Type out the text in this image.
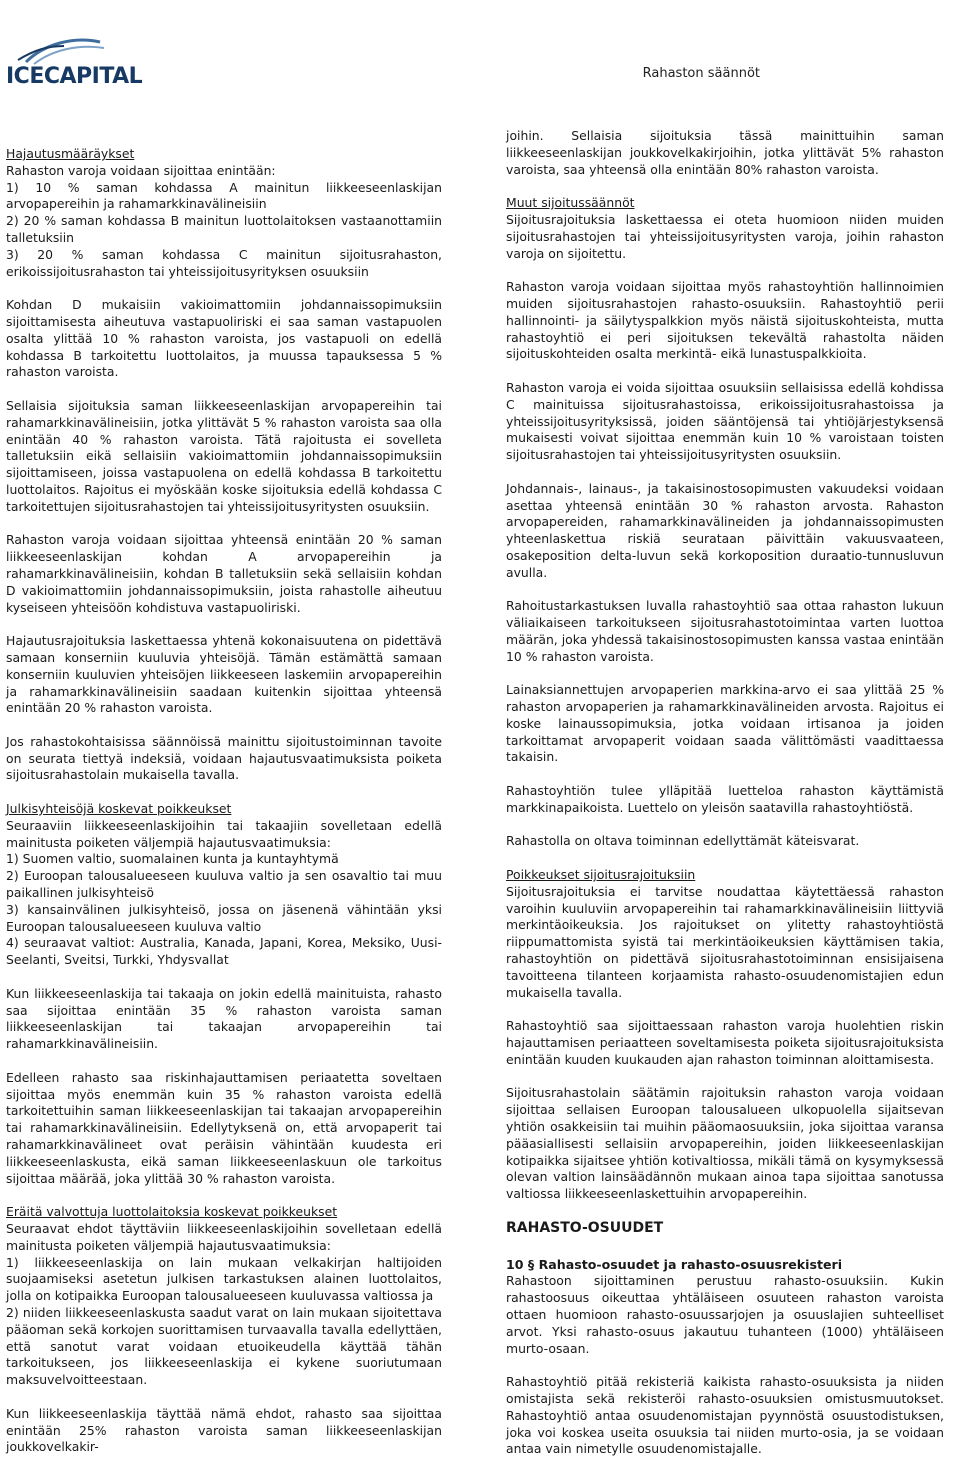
ICECAPITAL	Rahaston säännöt
Hajautusmääräykset
Rahaston varoja voidaan sijoittaa enintään:
1) 10 % saman kohdassa A mainitun liikkeeseenlaskijan arvopapereihin ja rahamarkkinavälineisiin
2) 20 % saman kohdassa B mainitun luottolaitoksen vastaanottamiin talletuksiin
3) 20 % saman kohdassa C mainitun sijoitusrahaston, erikoissijoitusrahaston tai yhteissijoitusyrityksen osuuksiin

Kohdan D mukaisiin vakioimattomiin johdannaissopimuksiin sijoittamisesta aiheutuva vastapuoliriski ei saa saman vastapuolen osalta ylittää 10 % rahaston varoista, jos vastapuoli on edellä kohdassa B tarkoitettu luottolaitos, ja muussa tapauksessa 5 % rahaston varoista.

Sellaisia sijoituksia saman liikkeeseenlaskijan arvopapereihin tai rahamarkkinavälineisiin, jotka ylittävät 5 % rahaston varoista saa olla enintään 40 % rahaston varoista. Tätä rajoitusta ei sovelleta talletuksiin eikä sellaisiin vakioimattomiin johdannaissopimuksiin sijoittamiseen, joissa vastapuolena on edellä kohdassa B tarkoitettu luottolaitos. Rajoitus ei myöskään koske sijoituksia edellä kohdassa C tarkoitettujen sijoitusrahastojen tai yhteissijoitusyritysten osuuksiin.

Rahaston varoja voidaan sijoittaa yhteensä enintään 20 % saman liikkeeseenlaskijan kohdan A arvopapereihin ja rahamarkkinavälineisiin, kohdan B talletuksiin sekä sellaisiin kohdan D vakioimattomiin johdannaissopimuksiin, joista rahastolle aiheutuu kyseiseen yhteisöön kohdistuva vastapuoliriski.

Hajautusrajoituksia laskettaessa yhtenä kokonaisuutena on pidettävä samaan konserniin kuuluvia yhteisöjä. Tämän estämättä samaan konserniin kuuluvien yhteisöjen liikkeeseen laskemiin arvopapereihin ja rahamarkkinavälineisiin saadaan kuitenkin sijoittaa yhteensä enintään 20 % rahaston varoista.

Jos rahastokohtaisissa säännöissä mainittu sijoitustoiminnan tavoite on seurata tiettyä indeksiä, voidaan hajautusvaatimuksista poiketa sijoitusrahastolain mukaisella tavalla.

Julkisyhteisöjä koskevat poikkeukset
Seuraaviin liikkeeseenlaskijoihin tai takaajiin sovelletaan edellä mainitusta poiketen väljempiä hajautusvaatimuksia:
1) Suomen valtio, suomalainen kunta ja kuntayhtymä
2) Euroopan talousalueeseen kuuluva valtio ja sen osavaltio tai muu paikallinen julkisyhteisö
3) kansainvälinen julkisyhteisö, jossa on jäsenenä vähintään yksi Euroopan talousalueeseen kuuluva valtio
4) seuraavat valtiot: Australia, Kanada, Japani, Korea, Meksiko, Uusi-Seelanti, Sveitsi, Turkki, Yhdysvallat

Kun liikkeeseenlaskija tai takaaja on jokin edellä mainituista, rahasto saa sijoittaa enintään 35 % rahaston varoista saman liikkeeseenlaskijan tai takaajan arvopapereihin tai rahamarkkinavälineisiin.

Edelleen rahasto saa riskinhajauttamisen periaatetta soveltaen sijoittaa myös enemmän kuin 35 % rahaston varoista edellä tarkoitettuihin saman liikkeeseenlaskijan tai takaajan arvopapereihin tai rahamarkkinavälineisiin. Edellytyksenä on, että arvopaperit tai rahamarkkinavälineet ovat peräisin vähintään kuudesta eri liikkeeseenlaskusta, eikä saman liikkeeseenlaskuun ole tarkoitus sijoittaa määrää, joka ylittää 30 % rahaston varoista.

Eräitä valvottuja luottolaitoksia koskevat poikkeukset
Seuraavat ehdot täyttäviin liikkeeseenlaskijoihin sovelletaan edellä mainitusta poiketen väljempiä hajautusvaatimuksia:
1) liikkeeseenlaskija on lain mukaan velkakirjan haltijoiden suojaamiseksi asetetun julkisen tarkastuksen alainen luottolaitos, jolla on kotipaikka Euroopan talousalueeseen kuuluvassa valtiossa ja
2) niiden liikkeeseenlaskusta saadut varat on lain mukaan sijoitettava pääoman sekä korkojen suorittamisen turvaavalla tavalla edellyttäen, että sanotut varat voidaan etuoikeudella käyttää tähän tarkoitukseen, jos liikkeeseenlaskija ei kykene suoriutumaan maksuvelvoitteestaan.

Kun liikkeeseenlaskija täyttää nämä ehdot, rahasto saa sijoittaa enintään 25% rahaston varoista saman liikkeeseenlaskijan joukkovelkakir-

joihin. Sellaisia sijoituksia tässä mainittuihin saman liikkeeseenlaskijan joukkovelkakirjoihin, jotka ylittävät 5% rahaston varoista, saa yhteensä olla enintään 80% rahaston varoista.

Muut sijoitussäännöt
Sijoitusrajoituksia laskettaessa ei oteta huomioon niiden muiden sijoitusrahastojen tai yhteissijoitusyritysten varoja, joihin rahaston varoja on sijoitettu.

Rahaston varoja voidaan sijoittaa myös rahastoyhtiön hallinnoimien muiden sijoitusrahastojen rahasto-osuuksiin. Rahastoyhtiö perii hallinnointi- ja säilytyspalkkion myös näistä sijoituskohteista, mutta rahastoyhtiö ei peri sijoituksen tekevältä rahastolta näiden sijoituskohteiden osalta merkintä- eikä lunastuspalkkioita.

Rahaston varoja ei voida sijoittaa osuuksiin sellaisissa edellä kohdissa C mainituissa sijoitusrahastoissa, erikoissijoitusrahastoissa ja yhteissijoitusyrityksissä, joiden sääntöjensä tai yhtiöjärjestyksensä mukaisesti voivat sijoittaa enemmän kuin 10 % varoistaan toisten sijoitusrahastojen tai yhteissijoitusyritysten osuuksiin.

Johdannais-, lainaus-, ja takaisinostosopimusten vakuudeksi voidaan asettaa yhteensä enintään 30 % rahaston arvosta. Rahaston arvopapereiden, rahamarkkinavälineiden ja johdannaissopimusten yhteenlaskettua riskiä seurataan päivittäin vakuusvaateen, osakeposition delta-luvun sekä korkoposition duraatio-tunnusluvun avulla.

Rahoitustarkastuksen luvalla rahastoyhtiö saa ottaa rahaston lukuun väliaikaiseen tarkoitukseen sijoitusrahastotoimintaa varten luottoa määrän, joka yhdessä takaisinostosopimusten kanssa vastaa enintään 10 % rahaston varoista.

Lainaksiannettujen arvopaperien markkina-arvo ei saa ylittää 25 % rahaston arvopaperien ja rahamarkkinavälineiden arvosta. Rajoitus ei koske lainaussopimuksia, jotka voidaan irtisanoa ja joiden tarkoittamat arvopaperit voidaan saada välittömästi vaadittaessa takaisin.

Rahastoyhtiön tulee ylläpitää luetteloa rahaston käyttämistä markkinapaikoista. Luettelo on yleisön saatavilla rahastoyhtiöstä.

Rahastolla on oltava toiminnan edellyttämät käteisvarat.

Poikkeukset sijoitusrajoituksiin
Sijoitusrajoituksia ei tarvitse noudattaa käytettäessä rahaston varoihin kuuluviin arvopapereihin tai rahamarkkinavälineisiin liittyviä merkintäoikeuksia. Jos rajoitukset on ylitetty rahastoyhtiöstä riippumattomista syistä tai merkintäoikeuksien käyttämisen takia, rahastoyhtiön on pidettävä sijoitusrahastotoiminnan ensisijaisena tavoitteena tilanteen korjaamista rahasto-osuudenomistajien edun mukaisella tavalla.

Rahastoyhtiö saa sijoittaessaan rahaston varoja huolehtien riskin hajauttamisen periaatteen soveltamisesta poiketa sijoitusrajoituksista enintään kuuden kuukauden ajan rahaston toiminnan aloittamisesta.

Sijoitusrahastolain säätämin rajoituksin rahaston varoja voidaan sijoittaa sellaisen Euroopan talousalueen ulkopuolella sijaitsevan yhtiön osakkeisiin tai muihin pääomaosuuksiin, joka sijoittaa varansa pääasiallisesti sellaisiin arvopapereihin, joiden liikkeeseenlaskijan kotipaikka sijaitsee yhtiön kotivaltiossa, mikäli tämä on kysymyksessä olevan valtion lainsäädännön mukaan ainoa tapa sijoittaa sanotussa valtiossa liikkeeseenlaskettuihin arvopapereihin.

RAHASTO-OSUUDET
10 § Rahasto-osuudet ja rahasto-osuusrekisteri

Rahastoon sijoittaminen perustuu rahasto-osuuksiin. Kukin rahastoosuus oikeuttaa yhtäläiseen osuuteen rahaston varoista ottaen huomioon rahasto-osuussarjojen ja osuuslajien suhteelliset arvot. Yksi rahasto-osuus jakautuu tuhanteen (1000) yhtäläiseen murto-osaan.

Rahastoyhtiö pitää rekisteriä kaikista rahasto-osuuksista ja niiden omistajista sekä rekisteröi rahasto-osuuksien omistusmuutokset. Rahastoyhtiö antaa osuudenomistajan pyynnöstä osuustodistuksen, joka voi koskea useita osuuksia tai niiden murto-osia, ja se voidaan antaa vain nimetylle osuudenomistajalle.
